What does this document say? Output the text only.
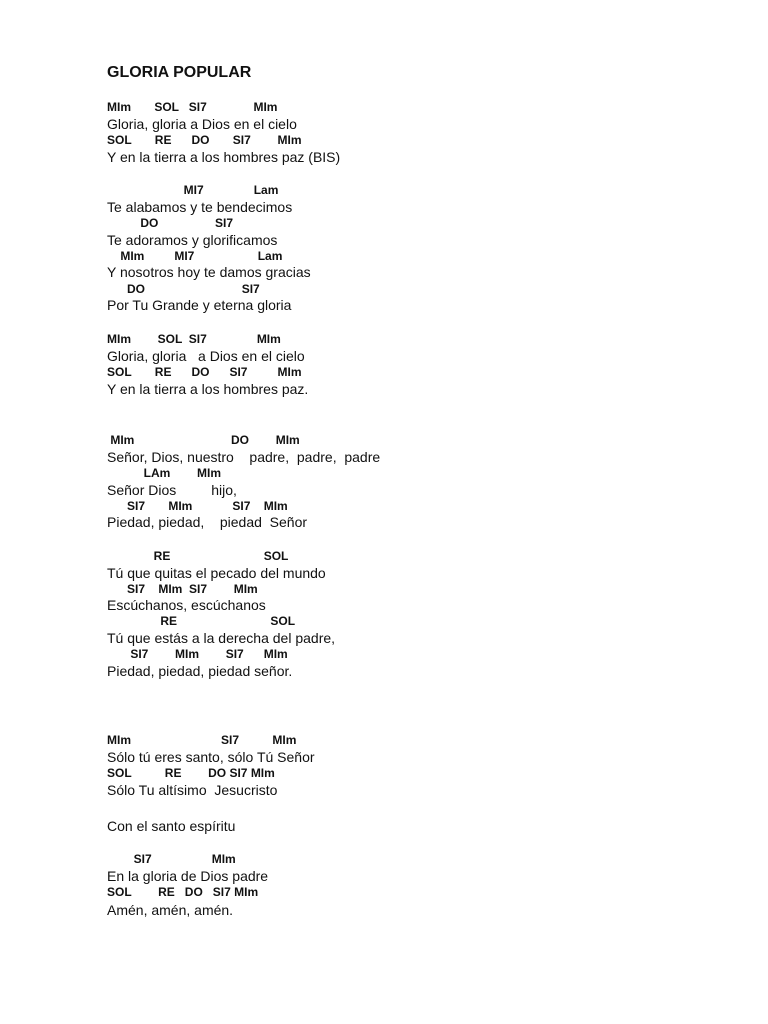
GLORIA POPULAR
MIm       SOL   SI7              MIm
Gloria, gloria a Dios en el cielo
SOL       RE      DO       SI7        MIm
Y en la tierra a los hombres paz (BIS)
MI7               Lam
Te alabamos y te bendecimos
DO                 SI7
Te adoramos y glorificamos
MIm         MI7                   Lam
Y nosotros hoy te damos gracias
DO                             SI7
Por Tu Grande y eterna gloria
MIm        SOL  SI7               MIm
Gloria, gloria   a Dios en el cielo
SOL       RE      DO      SI7         MIm
Y en la tierra a los hombres paz.
MIm                             DO        MIm
Señor, Dios, nuestro    padre,  padre,  padre
LAm        MIm
Señor Dios         hijo,
SI7       MIm            SI7    MIm
Piedad, piedad,    piedad  Señor
RE                            SOL
Tú que quitas el pecado del mundo
SI7    MIm  SI7        MIm
Escúchanos, escúchanos
RE                            SOL
Tú que estás a la derecha del padre,
SI7        MIm        SI7      MIm
Piedad, piedad, piedad señor.
MIm                           SI7          MIm
Sólo tú eres santo, sólo Tú Señor
SOL          RE        DO SI7 MIm
Sólo Tu altísimo  Jesucristo
Con el santo espíritu
SI7                  MIm
En la gloria de Dios padre
SOL        RE   DO   SI7 MIm
Amén, amén, amén.
